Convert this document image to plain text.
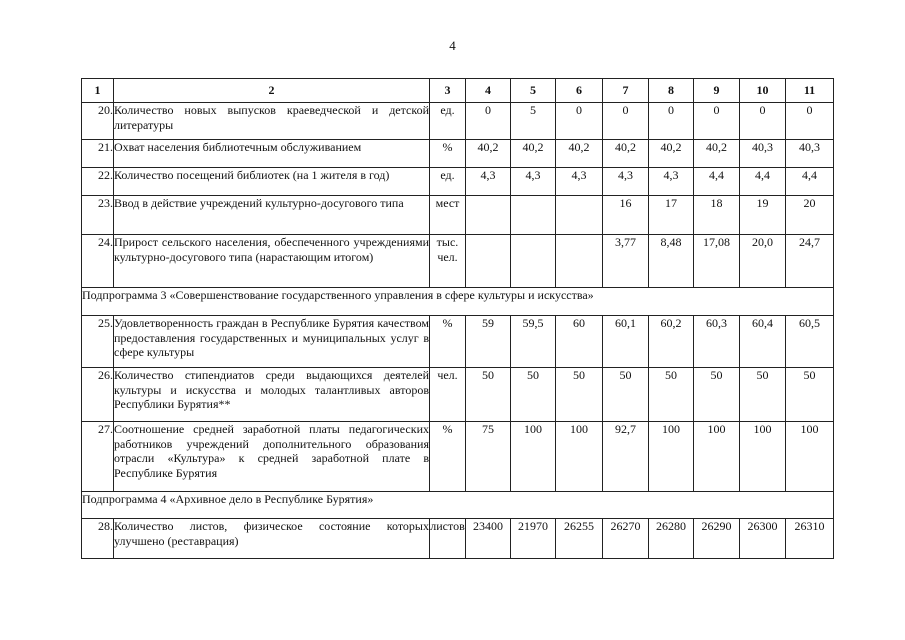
4
1	2	3	4	5	6	7	8	9	10	11
20.	Количество новых выпусков краеведческой и детской литературы	ед.	0	5	0	0	0	0	0	0
21.	Охват населения библиотечным обслуживанием	%	40,2	40,2	40,2	40,2	40,2	40,2	40,3	40,3
22.	Количество посещений библиотек (на 1 жителя в год)	ед.	4,3	4,3	4,3	4,3	4,3	4,4	4,4	4,4
23.	Ввод в действие учреждений культурно-досугового типа	мест				16	17	18	19	20
24.	Прирост сельского населения, обеспеченного учреждениями культурно-досугового типа (нарастающим итогом)	тыс. чел.				3,77	8,48	17,08	20,0	24,7
Подпрограмма 3 «Совершенствование государственного управления в сфере культуры и искусства»										
25.	Удовлетворенность граждан в Республике Бурятия качеством предоставления государственных и муниципальных услуг в сфере культуры	%	59	59,5	60	60,1	60,2	60,3	60,4	60,5
26.	Количество стипендиатов среди выдающихся деятелей культуры и искусства и молодых талантливых авторов Республики Бурятия**	чел.	50	50	50	50	50	50	50	50
27.	Соотношение средней заработной платы педагогических работников учреждений дополнительного образования отрасли «Культура» к средней заработной плате в Республике Бурятия	%	75	100	100	92,7	100	100	100	100
Подпрограмма 4 «Архивное дело в Республике Бурятия»										
28.	Количество листов, физическое состояние которых улучшено (реставрация)	листов	23400	21970	26255	26270	26280	26290	26300	26310
